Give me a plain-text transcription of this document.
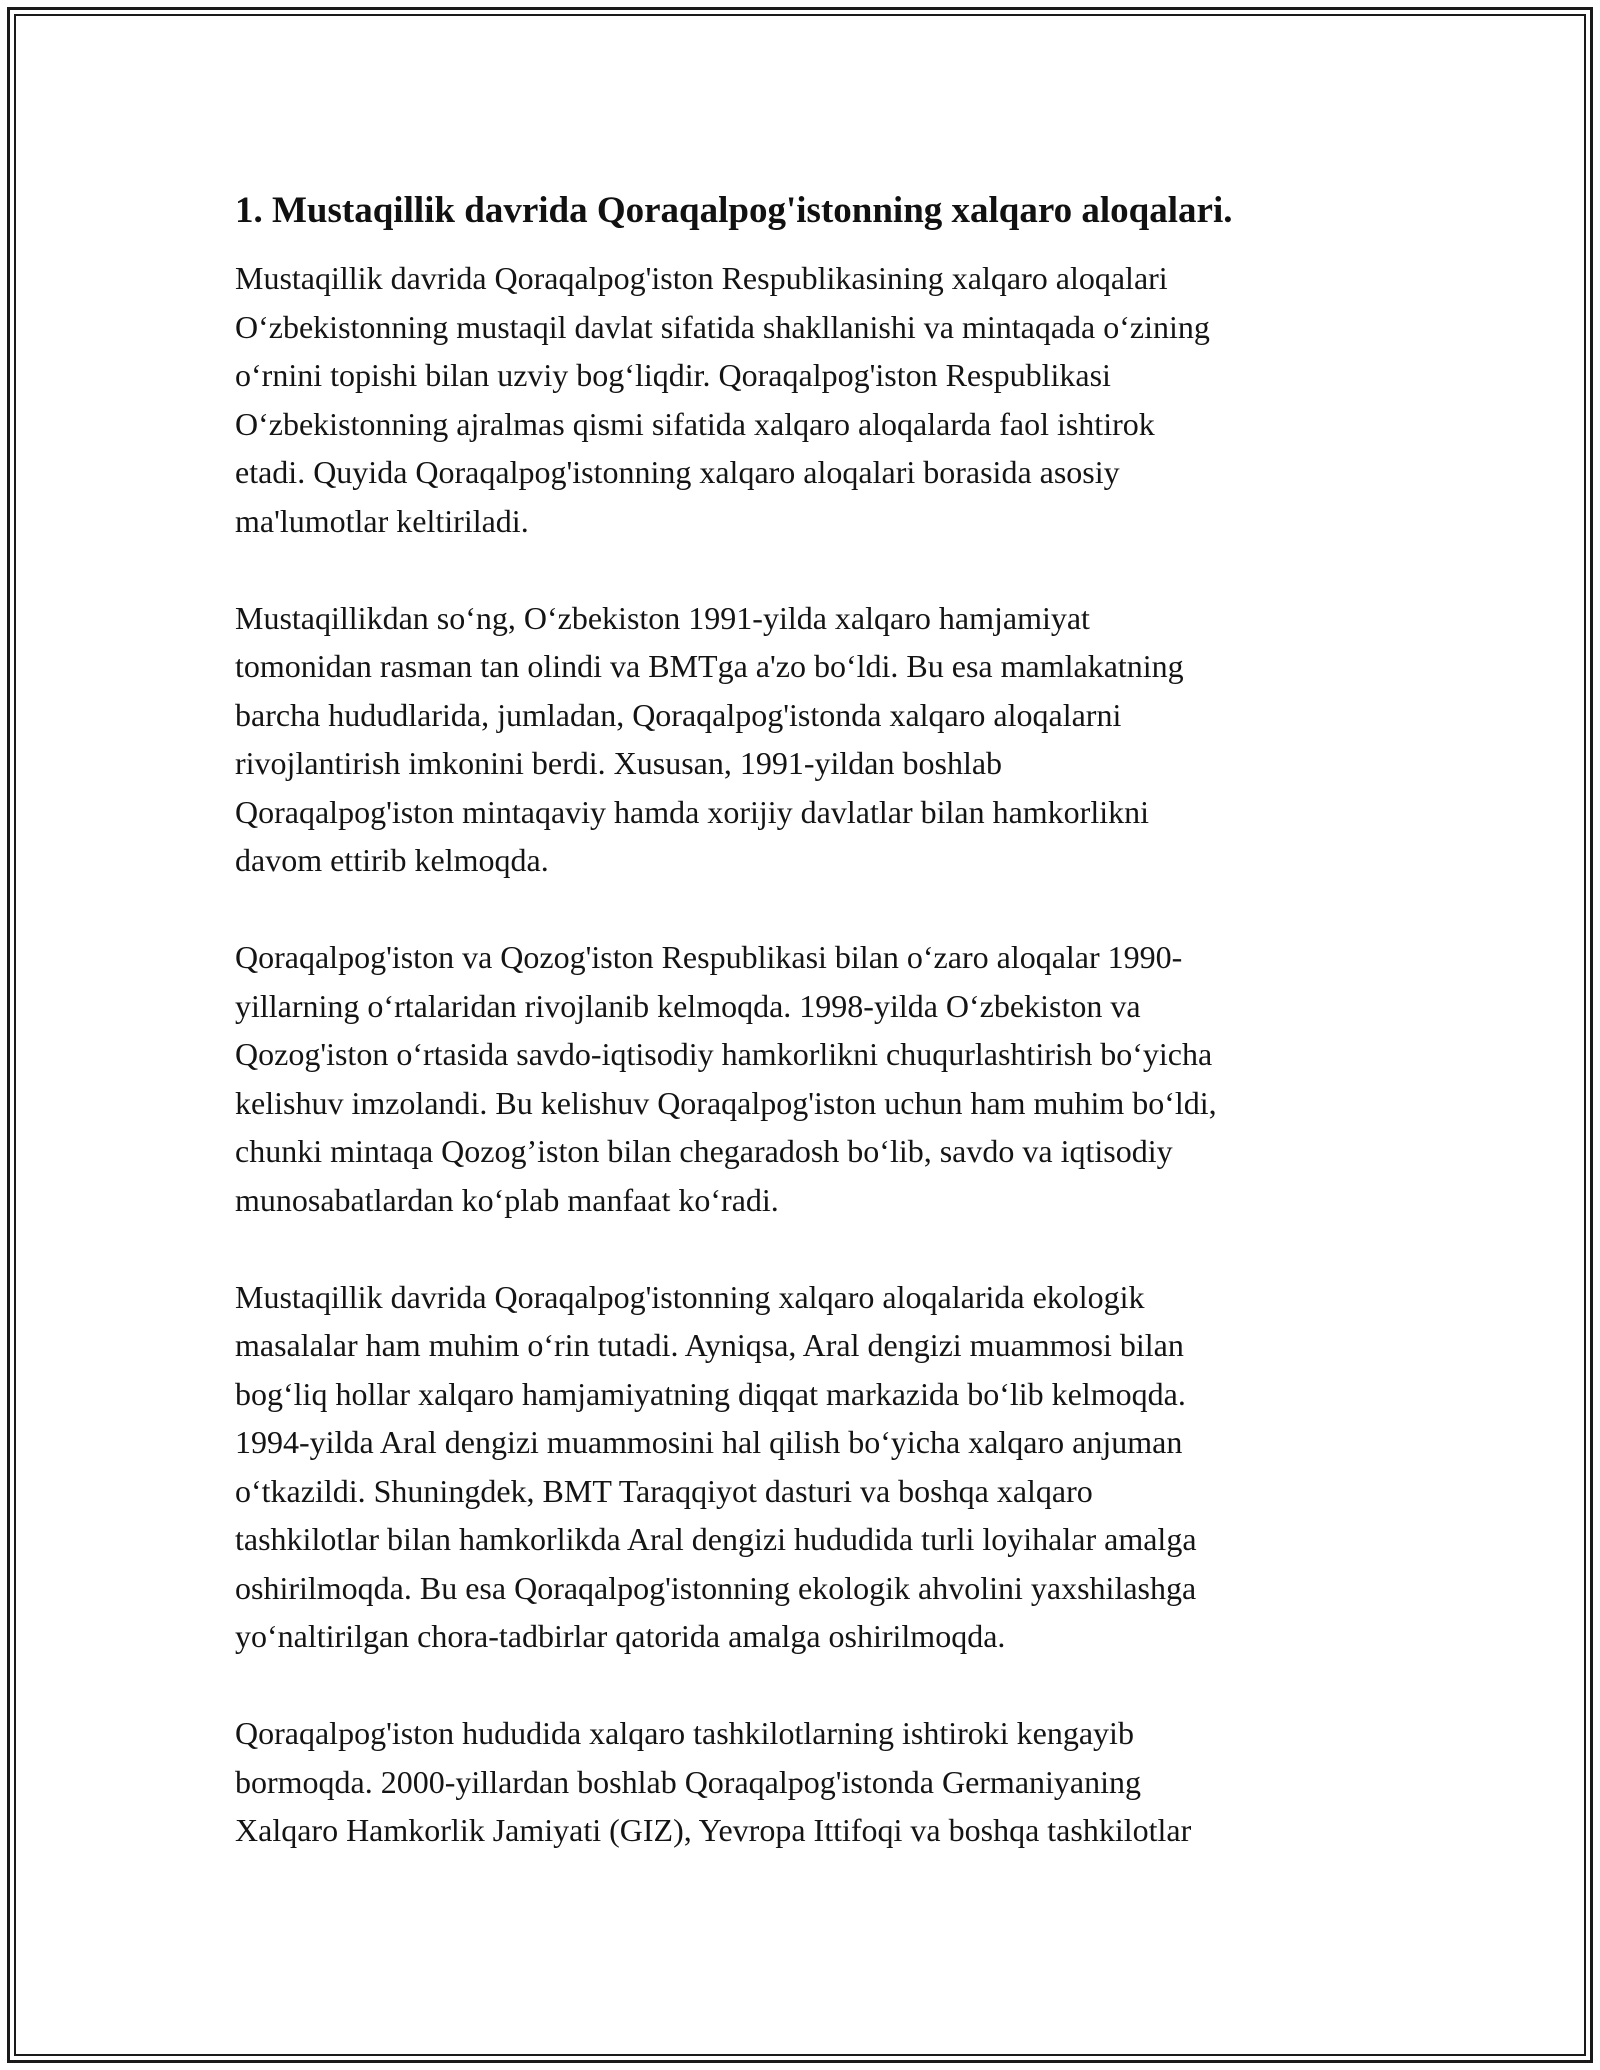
1. Mustaqillik davrida Qoraqalpog'istonning xalqaro aloqalari.
Mustaqillik davrida Qoraqalpog'iston Respublikasining xalqaro aloqalari
O‘zbekistonning mustaqil davlat sifatida shakllanishi va mintaqada o‘zining
o‘rnini topishi bilan uzviy bog‘liqdir. Qoraqalpog'iston Respublikasi
O‘zbekistonning ajralmas qismi sifatida xalqaro aloqalarda faol ishtirok
etadi. Quyida Qoraqalpog'istonning xalqaro aloqalari borasida asosiy
ma'lumotlar keltiriladi.
Mustaqillikdan so‘ng, O‘zbekiston 1991-yilda xalqaro hamjamiyat
tomonidan rasman tan olindi va BMTga a'zo bo‘ldi. Bu esa mamlakatning
barcha hududlarida, jumladan, Qoraqalpog'istonda xalqaro aloqalarni
rivojlantirish imkonini berdi. Xususan, 1991-yildan boshlab
Qoraqalpog'iston mintaqaviy hamda xorijiy davlatlar bilan hamkorlikni
davom ettirib kelmoqda.
Qoraqalpog'iston va Qozog'iston Respublikasi bilan o‘zaro aloqalar 1990-
yillarning o‘rtalaridan rivojlanib kelmoqda. 1998-yilda O‘zbekiston va
Qozog'iston o‘rtasida savdo-iqtisodiy hamkorlikni chuqurlashtirish bo‘yicha
kelishuv imzolandi. Bu kelishuv Qoraqalpog'iston uchun ham muhim bo‘ldi,
chunki mintaqa Qozog’iston bilan chegaradosh bo‘lib, savdo va iqtisodiy
munosabatlardan ko‘plab manfaat ko‘radi.
Mustaqillik davrida Qoraqalpog'istonning xalqaro aloqalarida ekologik
masalalar ham muhim o‘rin tutadi. Ayniqsa, Aral dengizi muammosi bilan
bog‘liq hollar xalqaro hamjamiyatning diqqat markazida bo‘lib kelmoqda.
1994-yilda Aral dengizi muammosini hal qilish bo‘yicha xalqaro anjuman
o‘tkazildi. Shuningdek, BMT Taraqqiyot dasturi va boshqa xalqaro
tashkilotlar bilan hamkorlikda Aral dengizi hududida turli loyihalar amalga
oshirilmoqda. Bu esa Qoraqalpog'istonning ekologik ahvolini yaxshilashga
yo‘naltirilgan chora-tadbirlar qatorida amalga oshirilmoqda.
Qoraqalpog'iston hududida xalqaro tashkilotlarning ishtiroki kengayib
bormoqda. 2000-yillardan boshlab Qoraqalpog'istonda Germaniyaning
Xalqaro Hamkorlik Jamiyati (GIZ), Yevropa Ittifoqi va boshqa tashkilotlar
